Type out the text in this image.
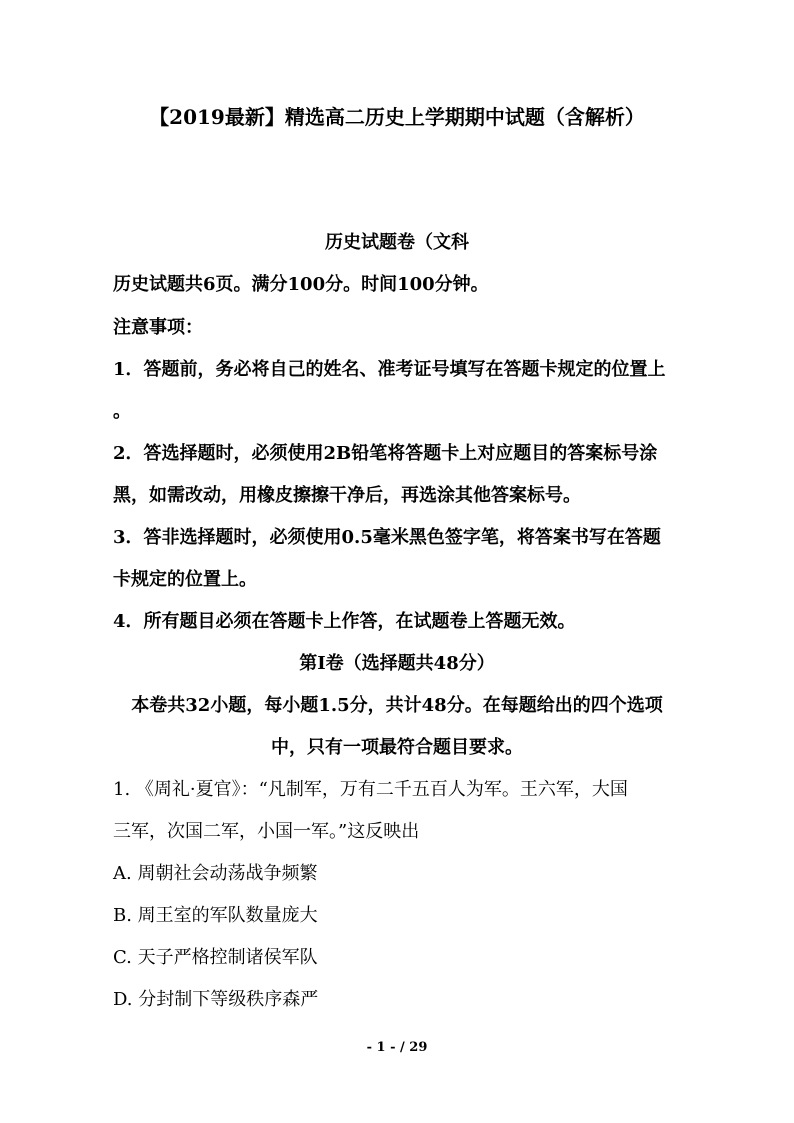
【2019最新】精选高二历史上学期期中试题（含解析）
历史试题卷（文科
历史试题共6页。满分100分。时间100分钟。
注意事项：
1．答题前，务必将自己的姓名、准考证号填写在答题卡规定的位置上
。
2．答选择题时，必须使用2B铅笔将答题卡上对应题目的答案标号涂
黑，如需改动，用橡皮擦擦干净后，再选涂其他答案标号。
3．答非选择题时，必须使用0.5毫米黑色签字笔，将答案书写在答题
卡规定的位置上。
4．所有题目必须在答题卡上作答，在试题卷上答题无效。
第Ⅰ卷（选择题共48分）
本卷共32小题，每小题1.5分，共计48分。在每题给出的四个选项
中，只有一项最符合题目要求。
1. 《周礼·夏官》：“凡制军，万有二千五百人为军。王六军，大国
三军，次国二军，小国一军。”这反映出
A. 周朝社会动荡战争频繁
B. 周王室的军队数量庞大
C. 天子严格控制诸侯军队
D. 分封制下等级秩序森严
- 1 - / 29
